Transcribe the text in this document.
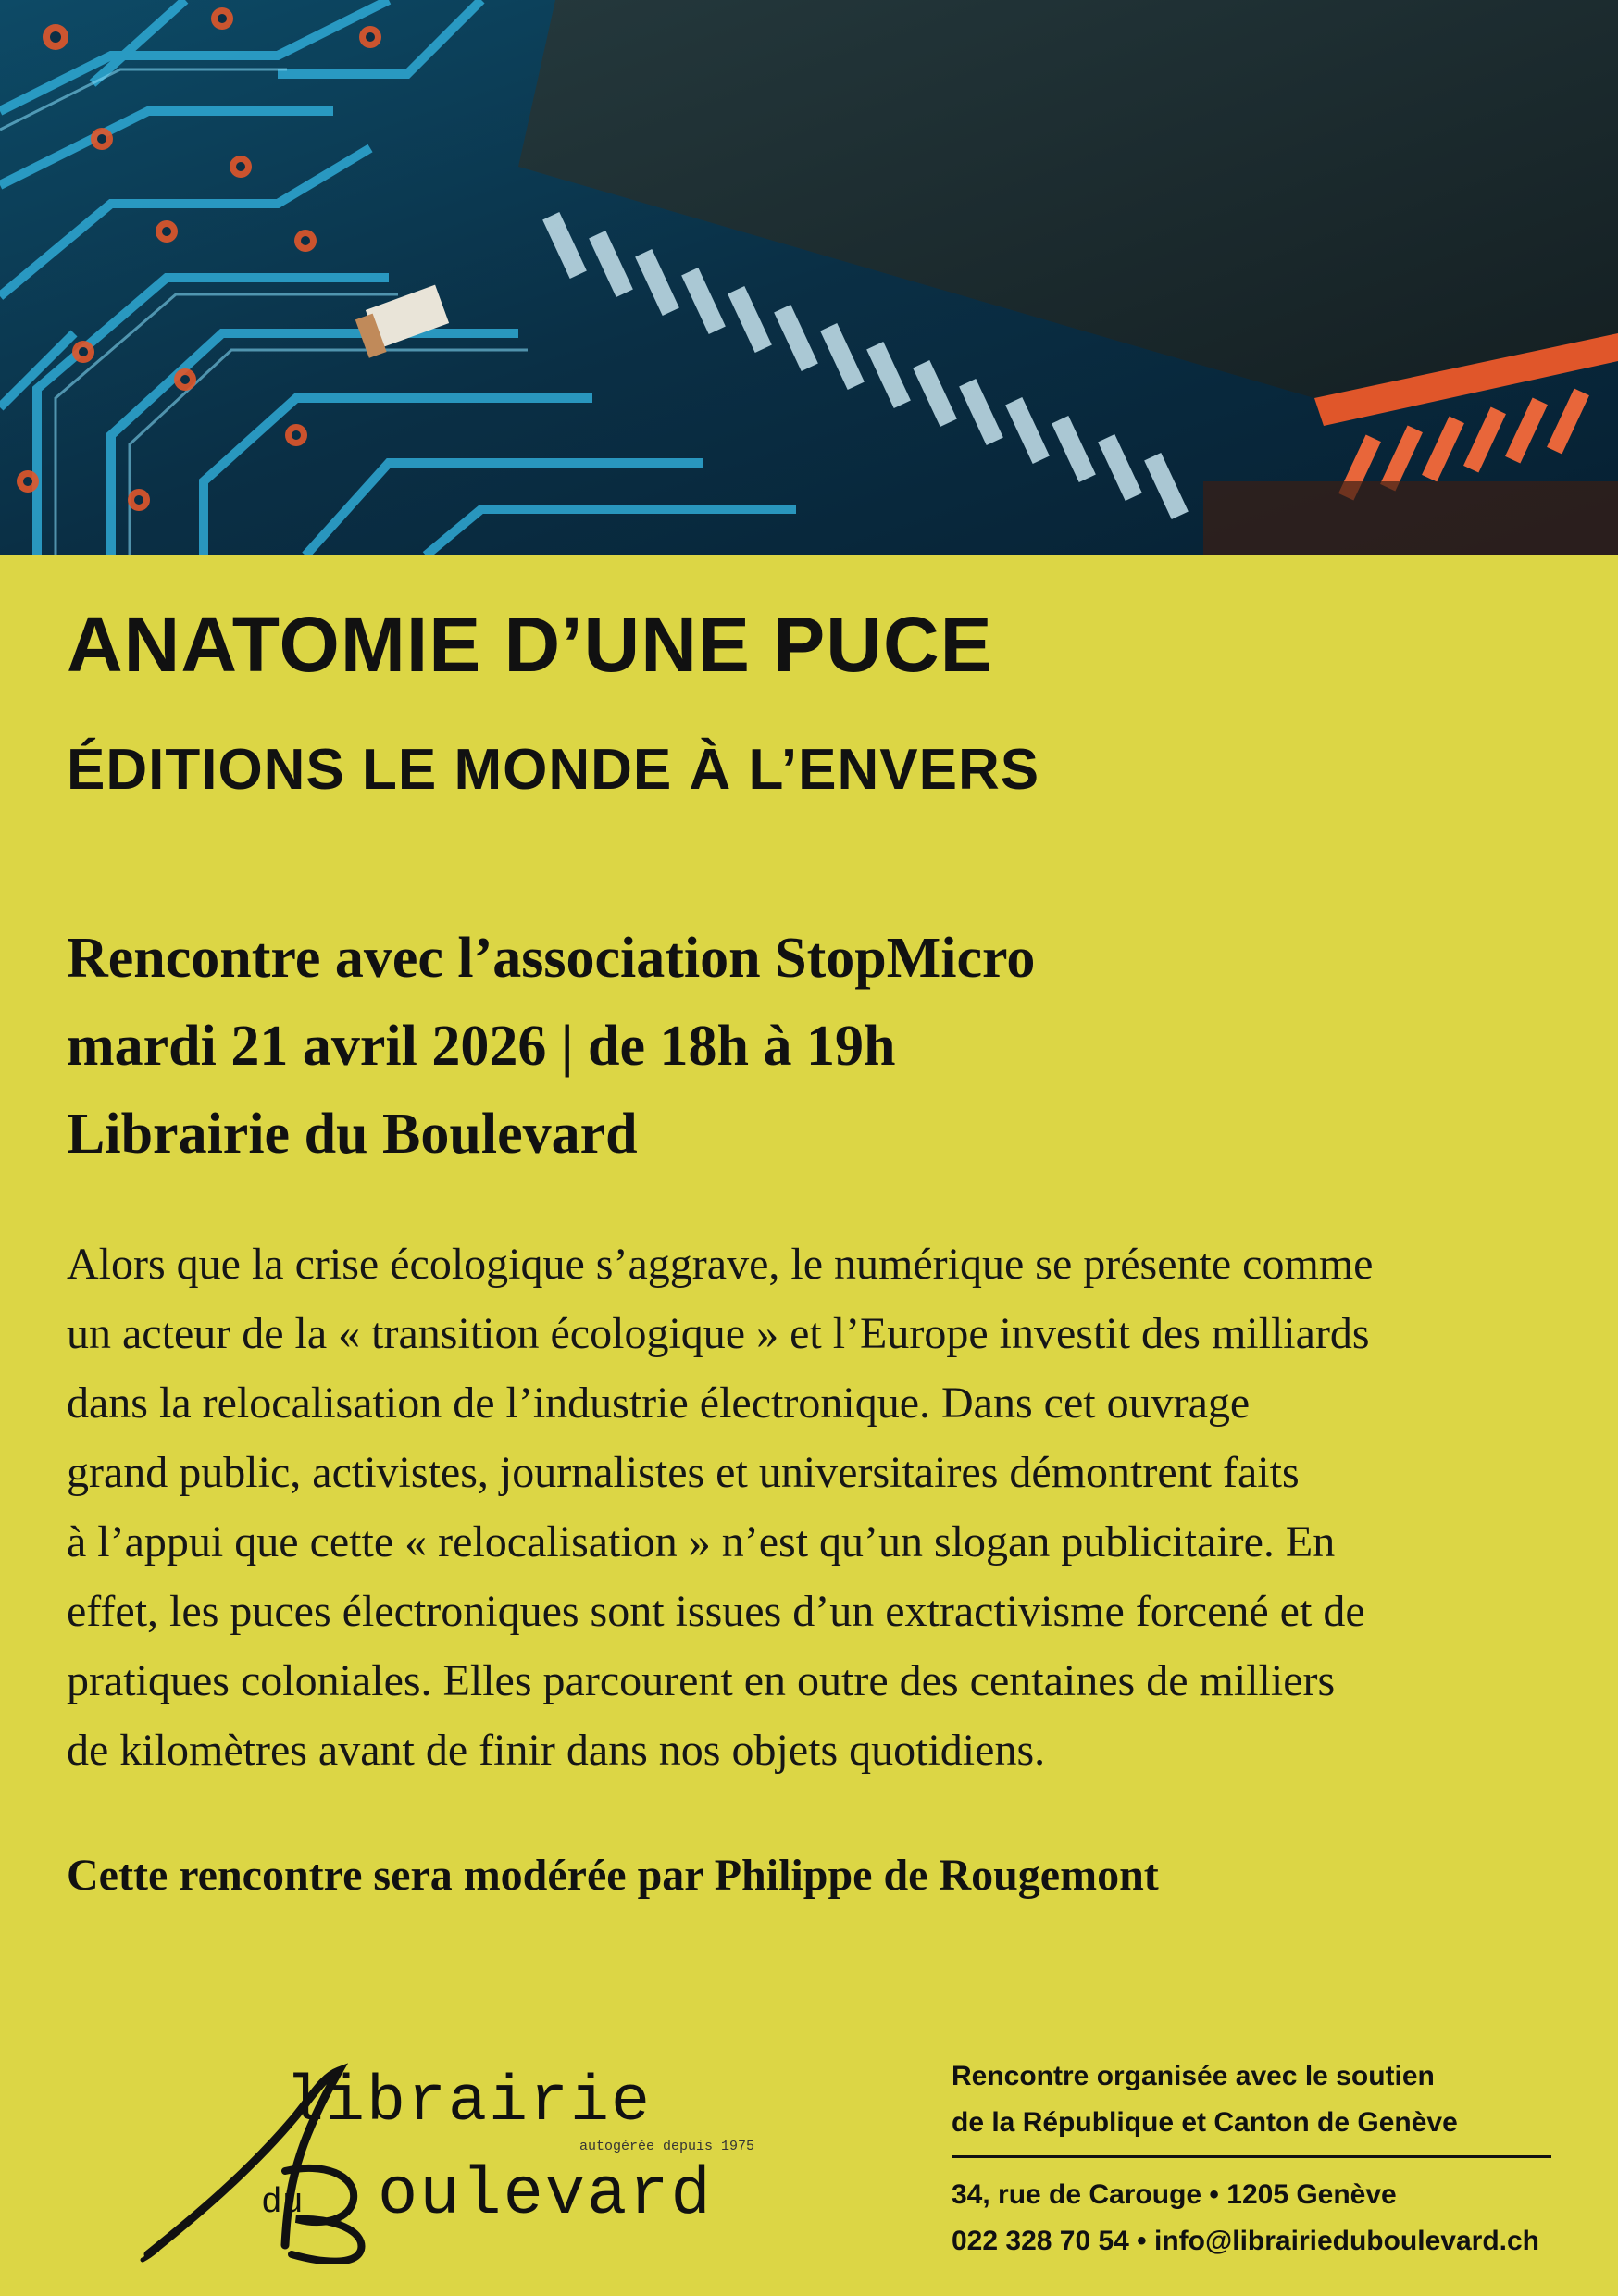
ANATOMIE D’UNE PUCE
ÉDITIONS LE MONDE À L’ENVERS
Rencontre avec l’association StopMicro
mardi 21 avril 2026 | de 18h à 19h
Librairie du Boulevard
Alors que la crise écologique s’aggrave, le numérique se présente comme
un acteur de la « transition écologique » et l’Europe investit des milliards
dans la relocalisation de l’industrie électronique. Dans cet ouvrage
grand public, activistes, journalistes et universitaires démontrent faits
à l’appui que cette « relocalisation » n’est qu’un slogan publicitaire. En
effet, les puces électroniques sont issues d’un extractivisme forcené et de
pratiques coloniales. Elles parcourent en outre des centaines de milliers
de kilomètres avant de finir dans nos objets quotidiens.
Cette rencontre sera modérée par Philippe de Rougemont
librairie
autogérée depuis 1975
du oulevard
Rencontre organisée avec le soutien
de la République et Canton de Genève
34, rue de Carouge • 1205 Genève
022 328 70 54 • info@librairieduboulevard.ch
